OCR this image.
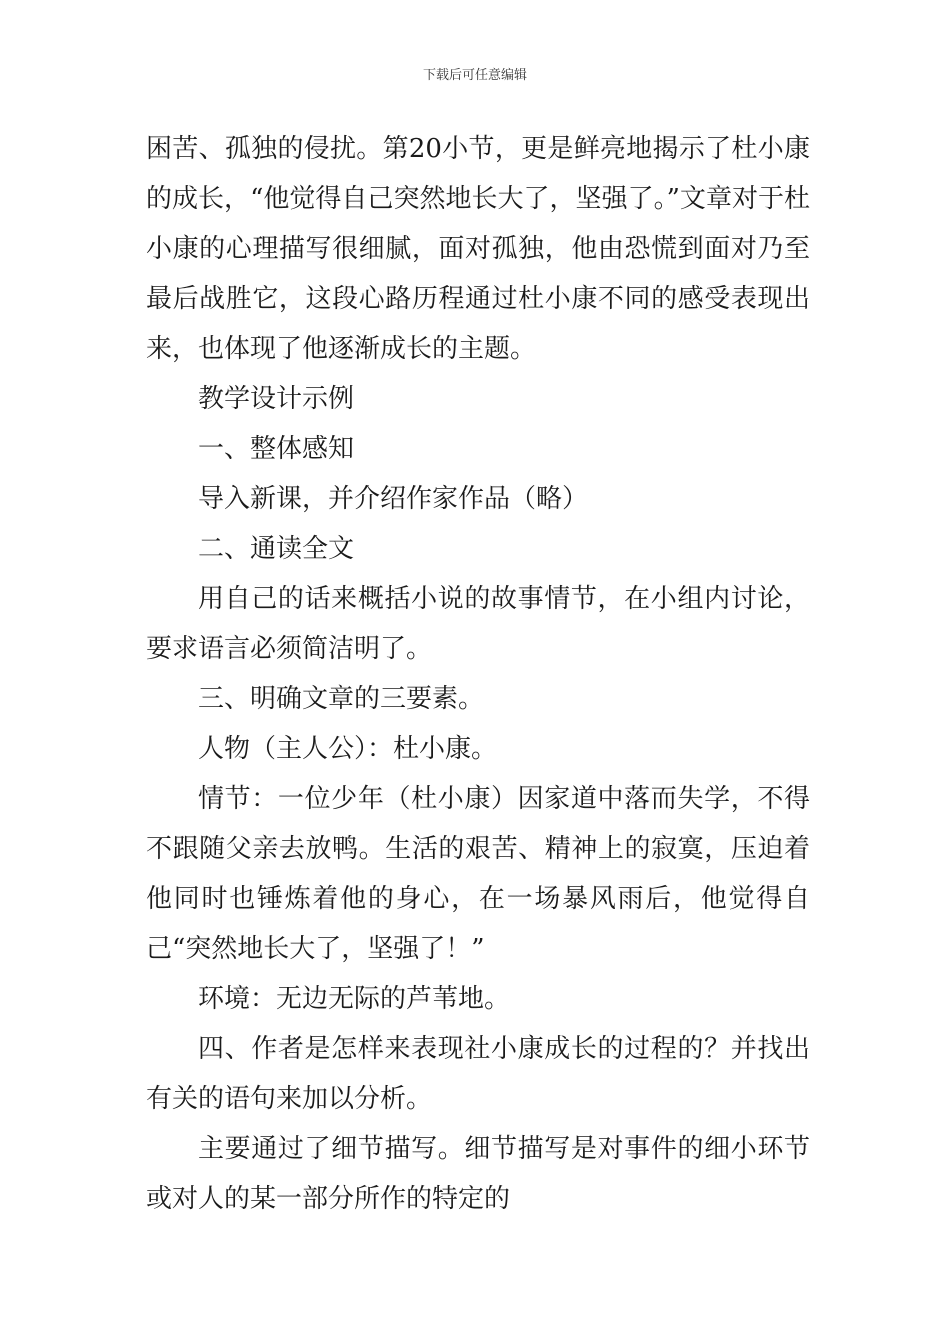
下载后可任意编辑

困苦、孤独的侵扰。第20小节，更是鲜亮地揭示了杜小康的成长，“他觉得自己突然地长大了，坚强了。”文章对于杜小康的心理描写很细腻，面对孤独，他由恐慌到面对乃至最后战胜它，这段心路历程通过杜小康不同的感受表现出来，也体现了他逐渐成长的主题。

教学设计示例

一、整体感知

导入新课，并介绍作家作品（略）

二、通读全文

用自己的话来概括小说的故事情节，在小组内讨论，要求语言必须简洁明了。

三、明确文章的三要素。

人物（主人公）：杜小康。

情节：一位少年（杜小康）因家道中落而失学，不得不跟随父亲去放鸭。生活的艰苦、精神上的寂寞，压迫着他同时也锤炼着他的身心，在一场暴风雨后，他觉得自己“突然地长大了，坚强了！”

环境：无边无际的芦苇地。

四、作者是怎样来表现社小康成长的过程的？并找出有关的语句来加以分析。

主要通过了细节描写。细节描写是对事件的细小环节或对人的某一部分所作的特定的
